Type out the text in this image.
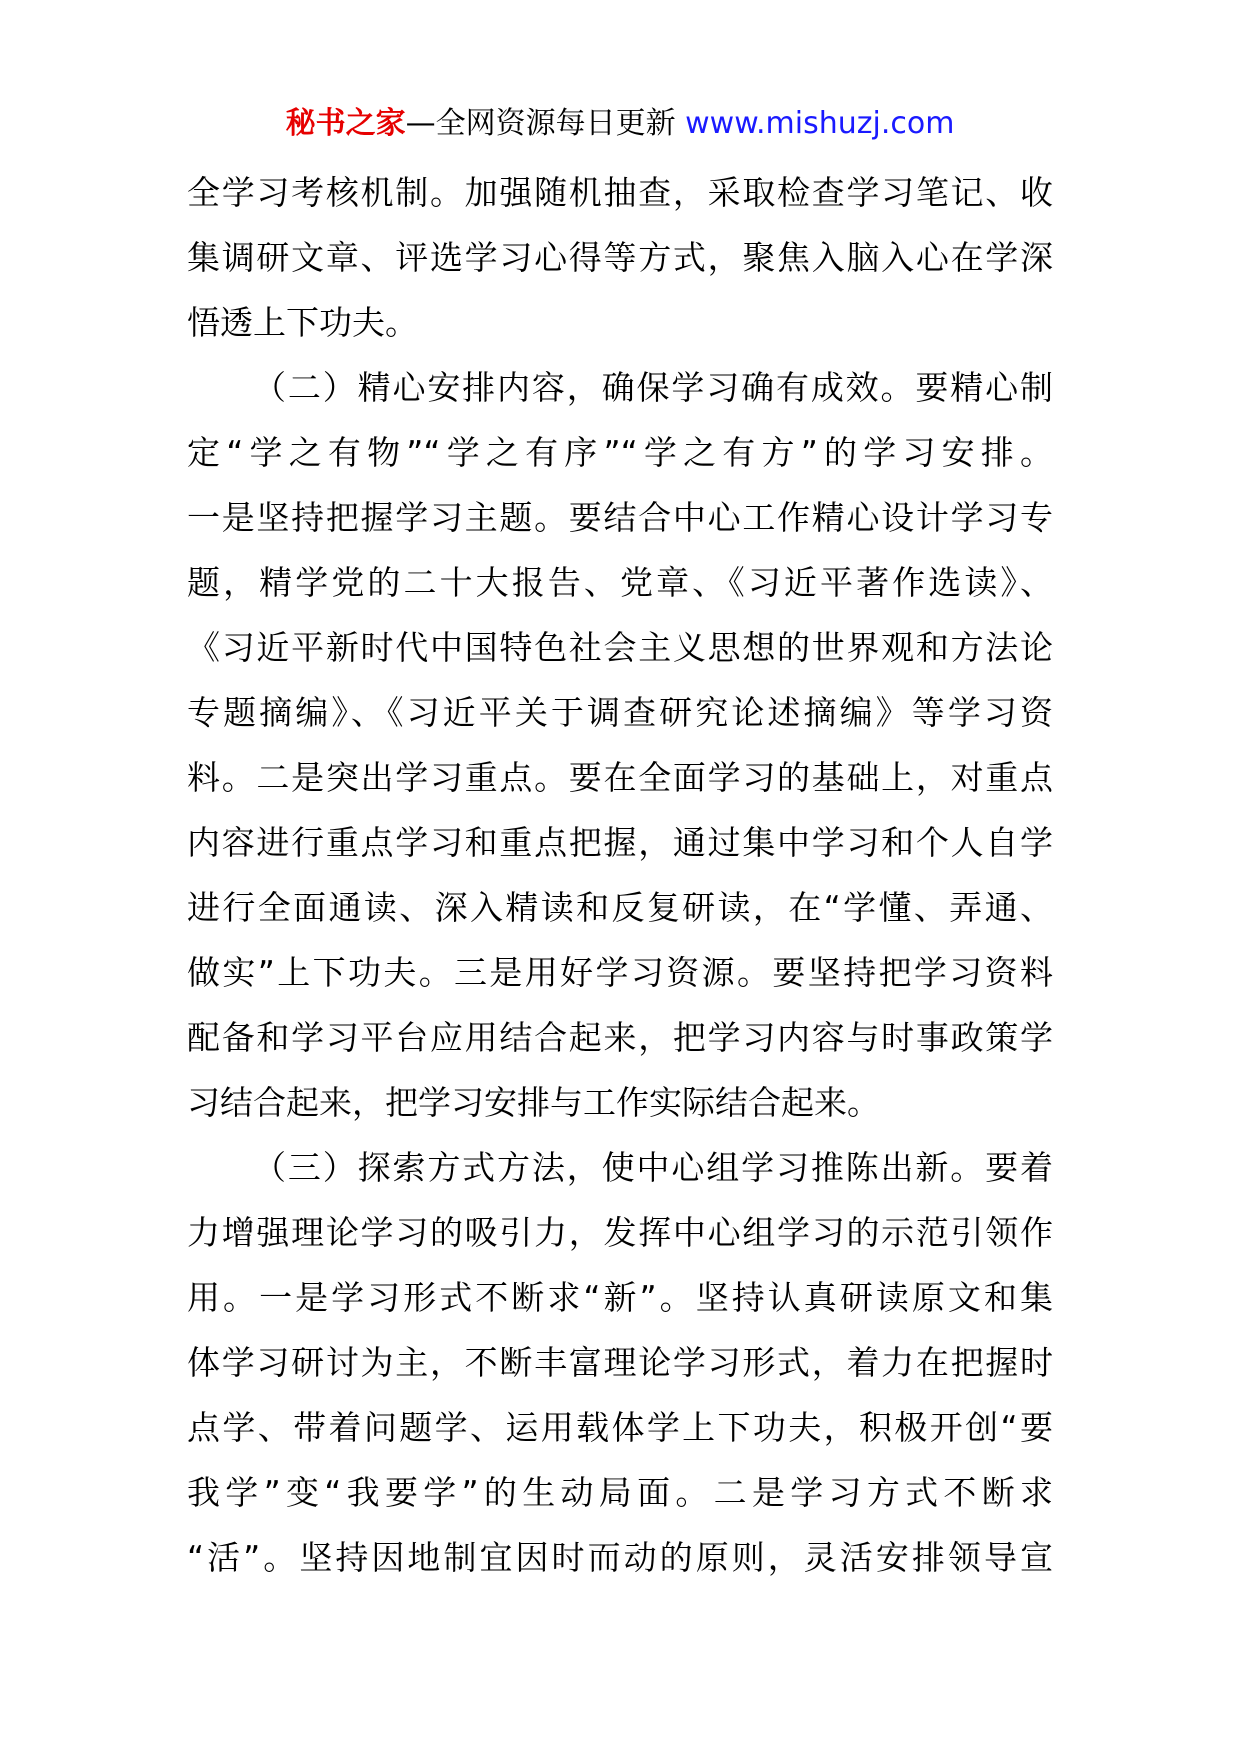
秘书之家—全网资源每日更新 www.mishuzj.com
全学习考核机制。加强随机抽查，采取检查学习笔记、收
集调研文章、评选学习心得等方式，聚焦入脑入心在学深
悟透上下功夫。
（二）精心安排内容，确保学习确有成效。要精心制
定“学之有物”“学之有序”“学之有方”的学习安排。
一是坚持把握学习主题。要结合中心工作精心设计学习专
题，精学党的二十大报告、党章、《习近平著作选读》、
《习近平新时代中国特色社会主义思想的世界观和方法论
专题摘编》、《习近平关于调查研究论述摘编》等学习资
料。二是突出学习重点。要在全面学习的基础上，对重点
内容进行重点学习和重点把握，通过集中学习和个人自学
进行全面通读、深入精读和反复研读，在“学懂、弄通、
做实”上下功夫。三是用好学习资源。要坚持把学习资料
配备和学习平台应用结合起来，把学习内容与时事政策学
习结合起来，把学习安排与工作实际结合起来。
（三）探索方式方法，使中心组学习推陈出新。要着
力增强理论学习的吸引力，发挥中心组学习的示范引领作
用。一是学习形式不断求“新”。坚持认真研读原文和集
体学习研讨为主，不断丰富理论学习形式，着力在把握时
点学、带着问题学、运用载体学上下功夫，积极开创“要
我学”变“我要学”的生动局面。二是学习方式不断求
“活”。坚持因地制宜因时而动的原则，灵活安排领导宣
